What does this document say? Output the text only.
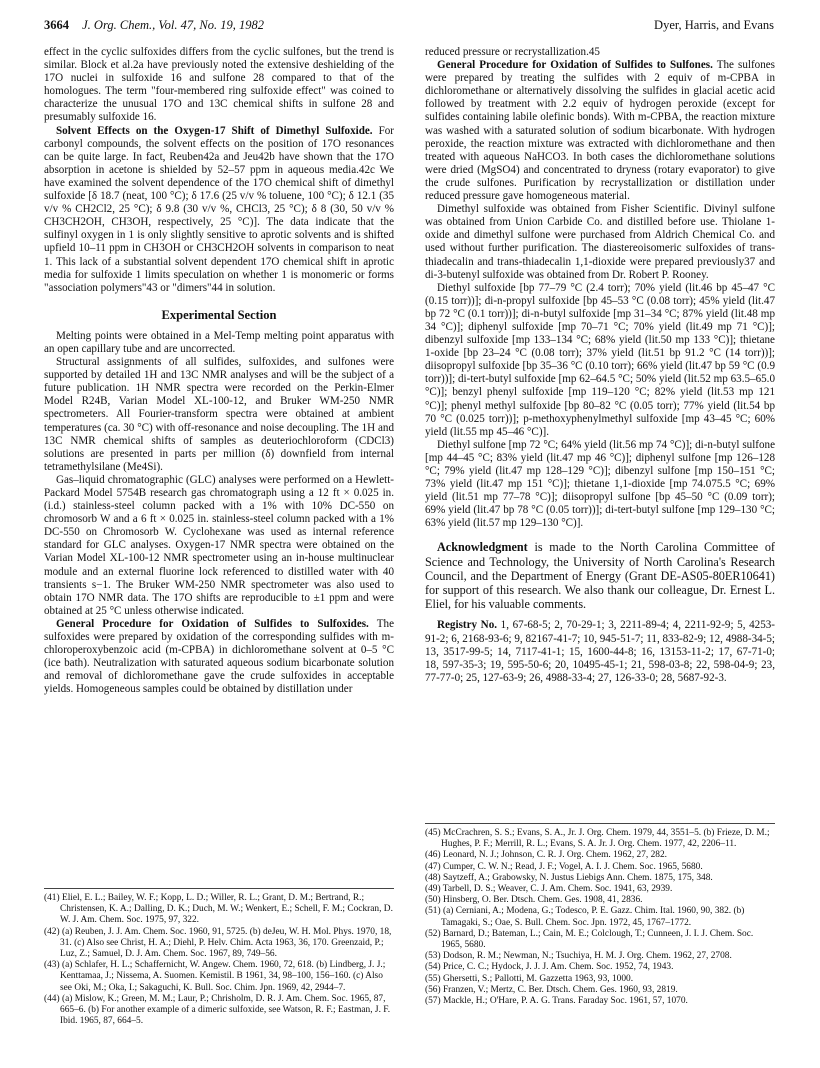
3664 J. Org. Chem., Vol. 47, No. 19, 1982	Dyer, Harris, and Evans

effect in the cyclic sulfoxides differs from the cyclic sulfones, but the trend is similar. Block et al.2a have previously noted the extensive deshielding of the 17O nuclei in sulfoxide 16 and sulfone 28 compared to that of the homologues. The term "four-membered ring sulfoxide effect" was coined to characterize the unusual 17O and 13C chemical shifts in sulfone 28 and presumably sulfoxide 16.

Solvent Effects on the Oxygen-17 Shift of Dimethyl Sulfoxide. For carbonyl compounds, the solvent effects on the position of 17O resonances can be quite large. In fact, Reuben42a and Jeu42b have shown that the 17O absorption in acetone is shielded by 52–57 ppm in aqueous media.42c We have examined the solvent dependence of the 17O chemical shift of dimethyl sulfoxide [δ 18.7 (neat, 100 °C); δ 17.6 (25 v/v % toluene, 100 °C); δ 12.1 (35 v/v % CH2Cl2, 25 °C); δ 9.8 (30 v/v %, CHCl3, 25 °C); δ 8 (30, 50 v/v % CH3CH2OH, CH3OH, respectively, 25 °C)]. The data indicate that the sulfinyl oxygen in 1 is only slightly sensitive to aprotic solvents and is shifted upfield 10–11 ppm in CH3OH or CH3CH2OH solvents in comparison to neat 1. This lack of a substantial solvent dependent 17O chemical shift in aprotic media for sulfoxide 1 limits speculation on whether 1 is monomeric or forms "association polymers"43 or "dimers"44 in solution.

Experimental Section

Melting points were obtained in a Mel-Temp melting point apparatus with an open capillary tube and are uncorrected.

Structural assignments of all sulfides, sulfoxides, and sulfones were supported by detailed 1H and 13C NMR analyses and will be the subject of a future publication. 1H NMR spectra were recorded on the Perkin-Elmer Model R24B, Varian Model XL-100-12, and Bruker WM-250 NMR spectrometers. All Fourier-transform spectra were obtained at ambient temperatures (ca. 30 °C) with off-resonance and noise decoupling. The 1H and 13C NMR chemical shifts of samples as deuteriochloroform (CDCl3) solutions are presented in parts per million (δ) downfield from internal tetramethylsilane (Me4Si).

Gas–liquid chromatographic (GLC) analyses were performed on a Hewlett-Packard Model 5754B research gas chromatograph using a 12 ft × 0.025 in. (i.d.) stainless-steel column packed with a 1% with 10% DC-550 on chromosorb W and a 6 ft × 0.025 in. stainless-steel column packed with a 1% DC-550 on Chromosorb W. Cyclohexane was used as internal reference standard for GLC analyses. Oxygen-17 NMR spectra were obtained on the Varian Model XL-100-12 NMR spectrometer using an in-house multinuclear module and an external fluorine lock referenced to distilled water with 40 transients s−1. The Bruker WM-250 NMR spectrometer was also used to obtain 17O NMR data. The 17O shifts are reproducible to ±1 ppm and were obtained at 25 °C unless otherwise indicated.

General Procedure for Oxidation of Sulfides to Sulfoxides. The sulfoxides were prepared by oxidation of the corresponding sulfides with m-chloroperoxybenzoic acid (m-CPBA) in dichloromethane solvent at 0–5 °C (ice bath). Neutralization with saturated aqueous sodium bicarbonate solution and removal of dichloromethane gave the crude sulfoxides in acceptable yields. Homogeneous samples could be obtained by distillation under

(41) Eliel, E. L.; Bailey, W. F.; Kopp, L. D.; Willer, R. L.; Grant, D. M.; Bertrand, R.; Christensen, K. A.; Dalling, D. K.; Duch, M. W.; Wenkert, E.; Schell, F. M.; Cockran, D. W. J. Am. Chem. Soc. 1975, 97, 322.
(42) (a) Reuben, J. J. Am. Chem. Soc. 1960, 91, 5725. (b) deJeu, W. H. Mol. Phys. 1970, 18, 31. (c) Also see Christ, H. A.; Diehl, P. Helv. Chim. Acta 1963, 36, 170. Greenzaid, P.; Luz, Z.; Samuel, D. J. Am. Chem. Soc. 1967, 89, 749–56.
(43) (a) Schlafer, H. L.; Schaffernicht, W. Angew. Chem. 1960, 72, 618. (b) Lindberg, J. J.; Kenttamaa, J.; Nissema, A. Suomen. Kemistil. B 1961, 34, 98–100, 156–160. (c) Also see Oki, M.; Oka, I.; Sakaguchi, K. Bull. Soc. Chim. Jpn. 1969, 42, 2944–7.
(44) (a) Mislow, K.; Green, M. M.; Laur, P.; Chrisholm, D. R. J. Am. Chem. Soc. 1965, 87, 665–6. (b) For another example of a dimeric sulfoxide, see Watson, R. F.; Eastman, J. F. Ibid. 1965, 87, 664–5.

reduced pressure or recrystallization.45

General Procedure for Oxidation of Sulfides to Sulfones. The sulfones were prepared by treating the sulfides with 2 equiv of m-CPBA in dichloromethane or alternatively dissolving the sulfides in glacial acetic acid followed by treatment with 2.2 equiv of hydrogen peroxide (except for sulfides containing labile olefinic bonds). With m-CPBA, the reaction mixture was washed with a saturated solution of sodium bicarbonate. With hydrogen peroxide, the reaction mixture was extracted with dichloromethane and then treated with aqueous NaHCO3. In both cases the dichloromethane solutions were dried (MgSO4) and concentrated to dryness (rotary evaporator) to give the crude sulfones. Purification by recrystallization or distillation under reduced pressure gave homogeneous material.

Dimethyl sulfoxide was obtained from Fisher Scientific. Divinyl sulfone was obtained from Union Carbide Co. and distilled before use. Thiolane 1-oxide and dimethyl sulfone were purchased from Aldrich Chemical Co. and used without further purification. The diastereoisomeric sulfoxides of trans-thiadecalin and trans-thiadecalin 1,1-dioxide were prepared previously37 and di-3-butenyl sulfoxide was obtained from Dr. Robert P. Rooney.

Diethyl sulfoxide [bp 77–79 °C (2.4 torr); 70% yield (lit.46 bp 45–47 °C (0.15 torr))]; di-n-propyl sulfoxide [bp 45–53 °C (0.08 torr); 45% yield (lit.47 bp 72 °C (0.1 torr))]; di-n-butyl sulfoxide [mp 31–34 °C; 87% yield (lit.48 mp 34 °C)]; diphenyl sulfoxide [mp 70–71 °C; 70% yield (lit.49 mp 71 °C)]; dibenzyl sulfoxide [mp 133–134 °C; 68% yield (lit.50 mp 133 °C)]; thietane 1-oxide [bp 23–24 °C (0.08 torr); 37% yield (lit.51 bp 91.2 °C (14 torr))]; diisopropyl sulfoxide [bp 35–36 °C (0.10 torr); 66% yield (lit.47 bp 59 °C (0.9 torr))]; di-tert-butyl sulfoxide [mp 62–64.5 °C; 50% yield (lit.52 mp 63.5–65.0 °C)]; benzyl phenyl sulfoxide [mp 119–120 °C; 82% yield (lit.53 mp 121 °C)]; phenyl methyl sulfoxide [bp 80–82 °C (0.05 torr); 77% yield (lit.54 bp 70 °C (0.025 torr))]; p-methoxyphenylmethyl sulfoxide [mp 43–45 °C; 60% yield (lit.55 mp 45–46 °C)].

Diethyl sulfone [mp 72 °C; 64% yield (lit.56 mp 74 °C)]; di-n-butyl sulfone [mp 44–45 °C; 83% yield (lit.47 mp 46 °C)]; diphenyl sulfone [mp 126–128 °C; 79% yield (lit.47 mp 128–129 °C)]; dibenzyl sulfone [mp 150–151 °C; 73% yield (lit.47 mp 151 °C)]; thietane 1,1-dioxide [mp 74.075.5 °C; 69% yield (lit.51 mp 77–78 °C)]; diisopropyl sulfone [bp 45–50 °C (0.09 torr); 69% yield (lit.47 bp 78 °C (0.05 torr))]; di-tert-butyl sulfone [mp 129–130 °C; 63% yield (lit.57 mp 129–130 °C)].

Acknowledgment is made to the North Carolina Committee of Science and Technology, the University of North Carolina's Research Council, and the Department of Energy (Grant DE-AS05-80ER10641) for support of this research. We also thank our colleague, Dr. Ernest L. Eliel, for his valuable comments.

Registry No. 1, 67-68-5; 2, 70-29-1; 3, 2211-89-4; 4, 2211-92-9; 5, 4253-91-2; 6, 2168-93-6; 9, 82167-41-7; 10, 945-51-7; 11, 833-82-9; 12, 4988-34-5; 13, 3517-99-5; 14, 7117-41-1; 15, 1600-44-8; 16, 13153-11-2; 17, 67-71-0; 18, 597-35-3; 19, 595-50-6; 20, 10495-45-1; 21, 598-03-8; 22, 598-04-9; 23, 77-77-0; 25, 127-63-9; 26, 4988-33-4; 27, 126-33-0; 28, 5687-92-3.

(45) McCrachren, S. S.; Evans, S. A., Jr. J. Org. Chem. 1979, 44, 3551–5. (b) Frieze, D. M.; Hughes, P. F.; Merrill, R. L.; Evans, S. A. Jr. J. Org. Chem. 1977, 42, 2206–11.
(46) Leonard, N. J.; Johnson, C. R. J. Org. Chem. 1962, 27, 282.
(47) Cumper, C. W. N.; Read, J. F.; Vogel, A. I. J. Chem. Soc. 1965, 5680.
(48) Saytzeff, A.; Grabowsky, N. Justus Liebigs Ann. Chem. 1875, 175, 348.
(49) Tarbell, D. S.; Weaver, C. J. Am. Chem. Soc. 1941, 63, 2939.
(50) Hinsberg, O. Ber. Dtsch. Chem. Ges. 1908, 41, 2836.
(51) (a) Cerniani, A.; Modena, G.; Todesco, P. E. Gazz. Chim. Ital. 1960, 90, 382. (b) Tamagaki, S.; Oae, S. Bull. Chem. Soc. Jpn. 1972, 45, 1767–1772.
(52) Barnard, D.; Bateman, L.; Cain, M. E.; Colclough, T.; Cunneen, J. I. J. Chem. Soc. 1965, 5680.
(53) Dodson, R. M.; Newman, N.; Tsuchiya, H. M. J. Org. Chem. 1962, 27, 2708.
(54) Price, C. C.; Hydock, J. J. J. Am. Chem. Soc. 1952, 74, 1943.
(55) Ghersetti, S.; Pallotti, M. Gazzetta 1963, 93, 1000.
(56) Franzen, V.; Mertz, C. Ber. Dtsch. Chem. Ges. 1960, 93, 2819.
(57) Mackle, H.; O'Hare, P. A. G. Trans. Faraday Soc. 1961, 57, 1070.
